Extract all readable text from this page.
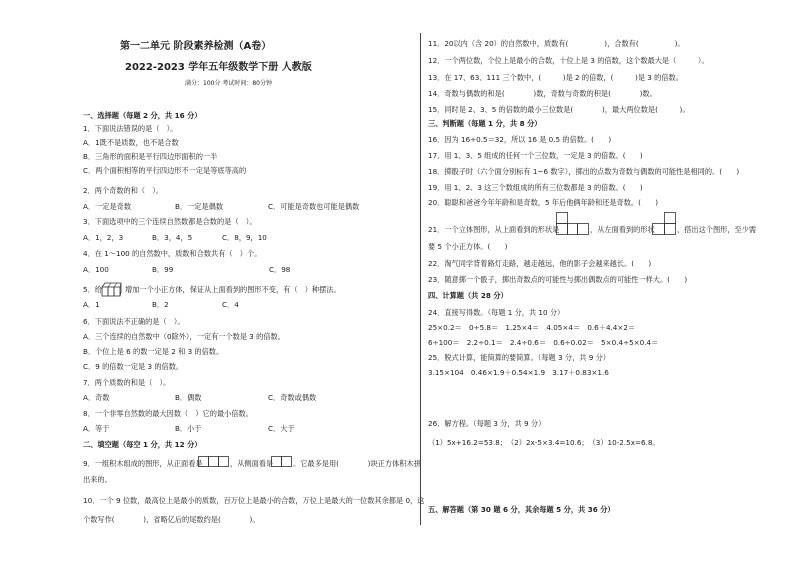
第一二单元 阶段素养检测（A卷）
2022-2023 学年五年级数学下册 人教版
满分：100分 考试时间：80分钟
一、选择题（每题 2 分，共 16 分）
1．下面说法错误的是（　）。
A．1既不是质数，也不是合数
B．三角形的面积是平行四边形面积的一半
C．两个面积相等的平行四边形不一定是等底等高的
2．两个奇数的和（　）。
A．一定是奇数	B．一定是偶数	C．可能是奇数也可能是偶数
3．下面选项中的三个连续自然数都是合数的是（　）。
A．1，2，3	B．3，4，5	C．8，9，10
4．在 1～100 的自然数中，质数和合数共有（　）个。
A．100	B．99	C．98
5．给	增加一个小正方体，保证从上面看到的图形不变，有（　）种摆法。
A．1	B．2	C．4
6．下面说法不正确的是（　）。
A．三个连续的自然数中（0除外），一定有一个数是 3 的倍数。
B．个位上是 6 的数一定是 2 和 3 的倍数。
C．9 的倍数一定是 3 的倍数。
7．两个质数的和是（　）。
A．奇数	B．偶数	C．奇数或偶数
8．一个非零自然数的最大因数（　）它的最小倍数。
A．等于	B．小于	C．大于
二、填空题（每空 1 分，共 12 分）
9．一组积木组成的图形，从正面看是	，从侧面看是	。它最多是用(　　　　)块正方体积木拼
出来的。
10．一个 9 位数，最高位上是最小的质数，百万位上是最小的合数，万位上是最大的一位数其余都是 0，这
个数写作(　　　　)，省略亿后的尾数约是(　　　　)。
11．20以内（含 20）的自然数中，质数有(　　　　　)，合数有(　　　　　)。
12．一个两位数，个位上是最小的合数，十位上是 3 的倍数，这个数最大是（　　　）。
13．在 17、63、111 三个数中，(　　　)是 2 的倍数，(　　　)是 3 的倍数。
14．奇数与偶数的和是(　　　　)数，奇数与奇数的积是(　　　　)数。
15．同时是 2、3、5 的倍数的最小三位数是(　　　　)，最大两位数是(　　　)。
三、判断题（每题 1 分，共 8 分）
16．因为 16÷0.5＝32，所以 16 是 0.5 的倍数。(　　)
17．用 1、3、5 组成的任何一个三位数，一定是 3 的倍数。(　　)
18．掷骰子时（六个面分别标有 1~6 数字），掷出的点数为奇数与偶数的可能性是相同的。(　　)
19．用 1、2、3 这三个数组成的所有三位数都是 3 的倍数。(　　)
20．聪聪和爸爸今年年龄和是奇数，5 年后他俩年龄和还是奇数。(　　)
21．一个立体图形，从上面看到的形状是	，从左面看到的形状	，搭出这个图形，至少需
要 5 个小正方体。(　　)
22．淘气同学背着路灯走路，越走越远，他的影子会越来越长。(　　)
23．随意掷一个骰子，掷出奇数点的可能性与掷出偶数点的可能性一样大。(　　)
四、计算题（共 28 分）
24．直接写得数。（每题 1 分，共 10 分）
25×0.2＝　0÷5.8＝　1.25×4＝　4.05×4＝　0.6＋4.4×2＝
6÷100＝　2.2÷0.1＝　2.4÷0.6＝　0.6÷0.02＝　5×0.4÷5×0.4＝
25．脱式计算，能简算的要简算。（每题 3 分，共 9 分）
3.15×104　0.46×1.9＋0.54×1.9　3.17＋0.83×1.6
26．解方程。（每题 3 分，共 9 分）
（1）5x+16.2=53.8；　（2）2x-5×3.4=10.6；　（3）10-2.5x=6.8。
五、解答题（第 30 题 6 分，其余每题 5 分，共 36 分）
